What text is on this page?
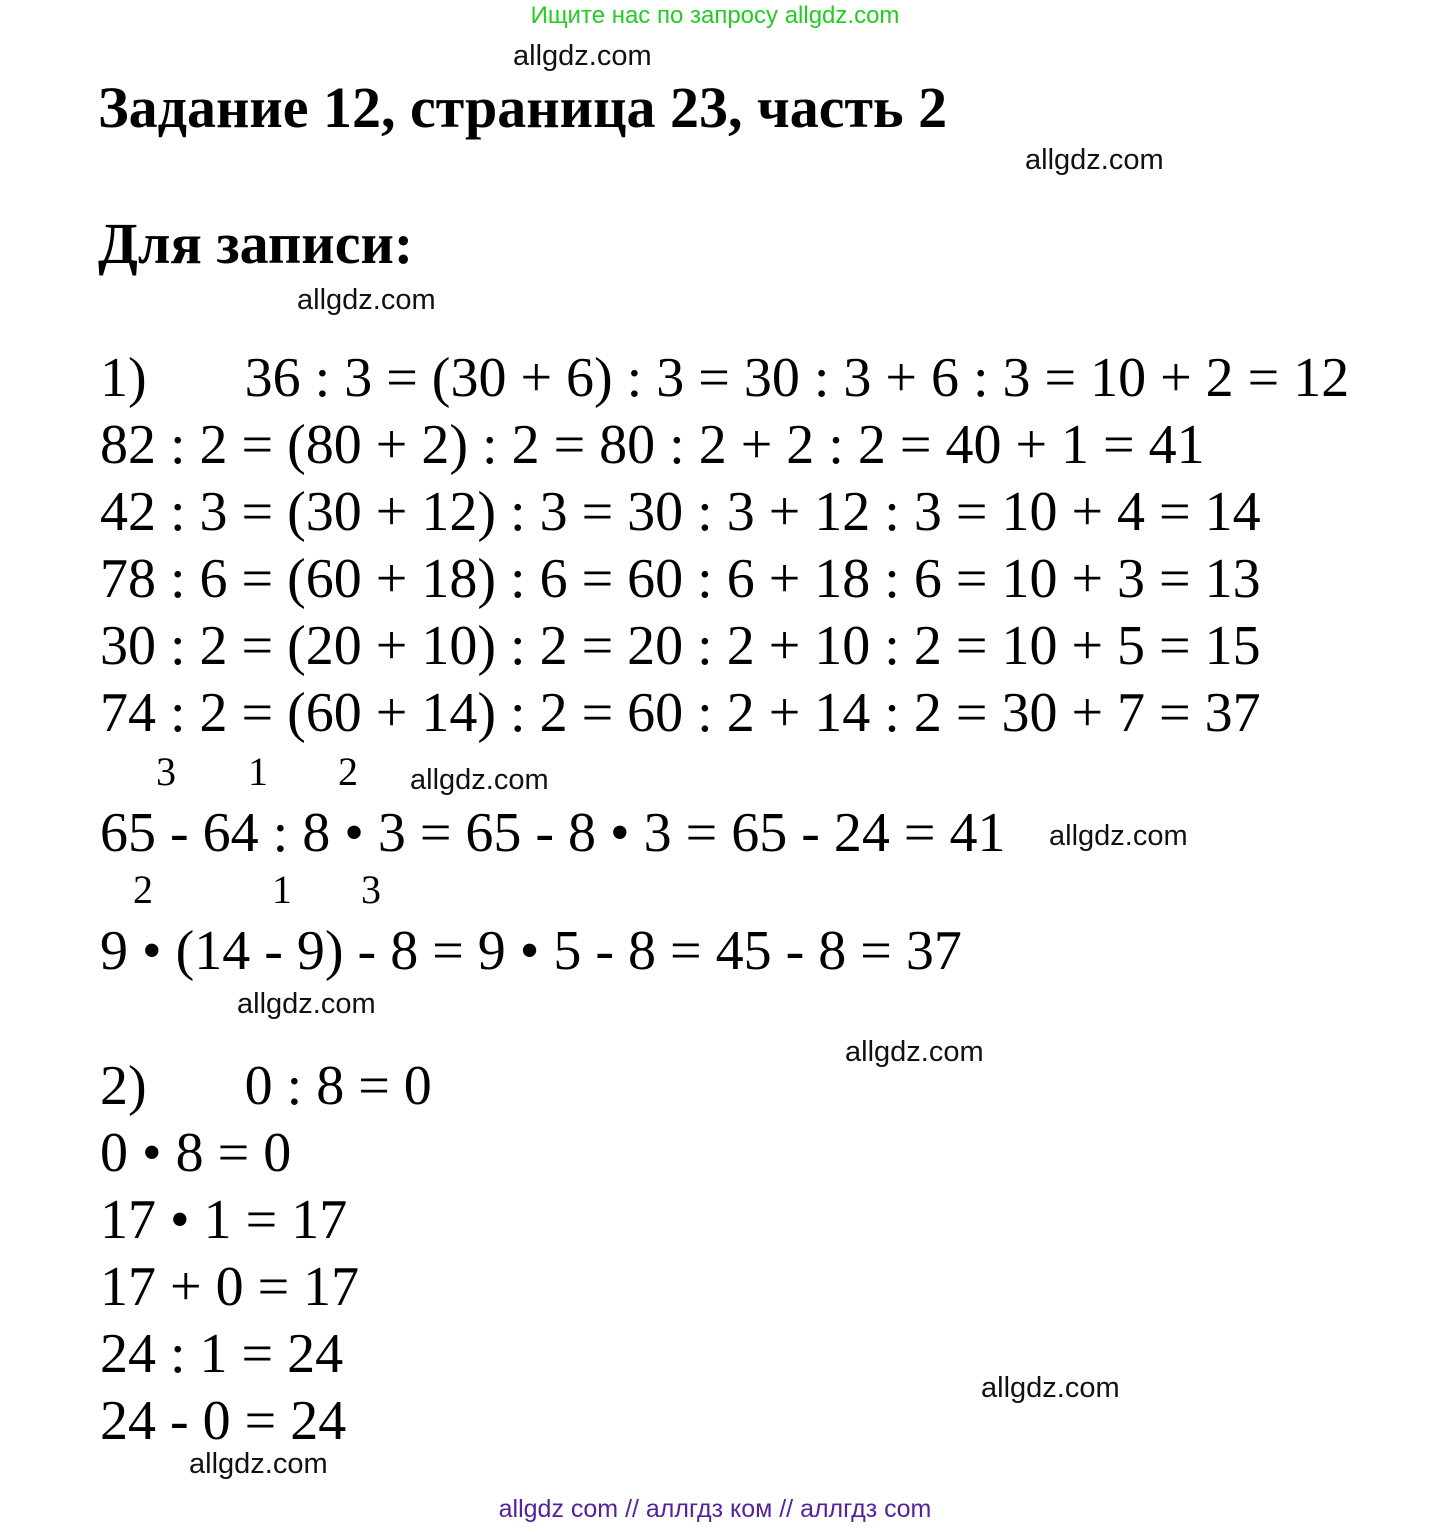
Ищите нас по запросу allgdz.com
allgdz.com
Задание 12, страница 23, часть 2
allgdz.com
Для записи:
allgdz.com
1) 36 : 3 = (30 + 6) : 3 = 30 : 3 + 6 : 3 = 10 + 2 = 12
82 : 2 = (80 + 2) : 2 = 80 : 2 + 2 : 2 = 40 + 1 = 41
42 : 3 = (30 + 12) : 3 = 30 : 3 + 12 : 3 = 10 + 4 = 14
78 : 6 = (60 + 18) : 6 = 60 : 6 + 18 : 6 = 10 + 3 = 13
30 : 2 = (20 + 10) : 2 = 20 : 2 + 10 : 2 = 10 + 5 = 15
74 : 2 = (60 + 14) : 2 = 60 : 2 + 14 : 2 = 30 + 7 = 37
3 1 2 allgdz.com
65 - 64 : 8 • 3 = 65 - 8 • 3 = 65 - 24 = 41 allgdz.com
2	1 3
9 • (14 - 9) - 8 = 9 • 5 - 8 = 45 - 8 = 37
allgdz.com
allgdz.com
2) 0 : 8 = 0
0 • 8 = 0
17 • 1 = 17
17 + 0 = 17
24 : 1 = 24
allgdz.com
24 - 0 = 24
allgdz.com
allgdz com // аллгдз ком // аллгдз com
